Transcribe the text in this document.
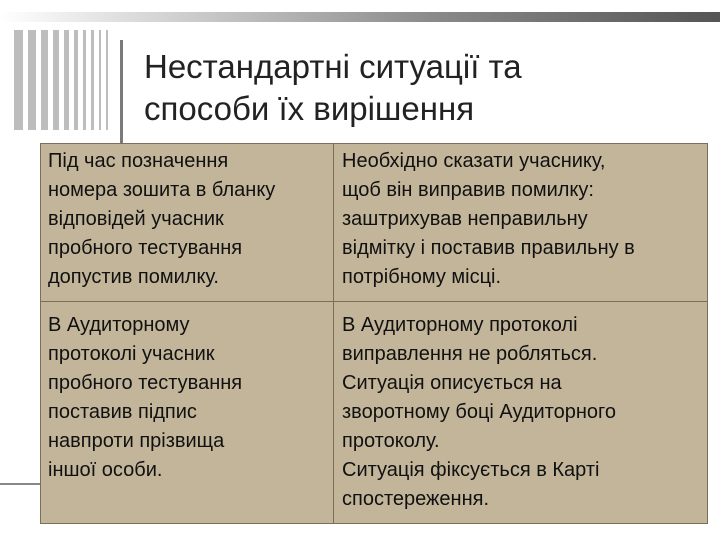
Нестандартні ситуації та
способи їх вирішення
Під час позначення
номера зошита в бланку
відповідей учасник
пробного тестування
допустив помилку.
Необхідно сказати учаснику,
щоб він виправив помилку:
заштрихував неправильну
відмітку і поставив правильну в
потрібному місці.
В Аудиторному
протоколі учасник
пробного тестування
поставив підпис
навпроти прізвища
іншої особи.
В Аудиторному протоколі
виправлення не робляться.
Ситуація описується на
зворотному боці Аудиторного
протоколу.
Ситуація фіксується в Карті
спостереження.
